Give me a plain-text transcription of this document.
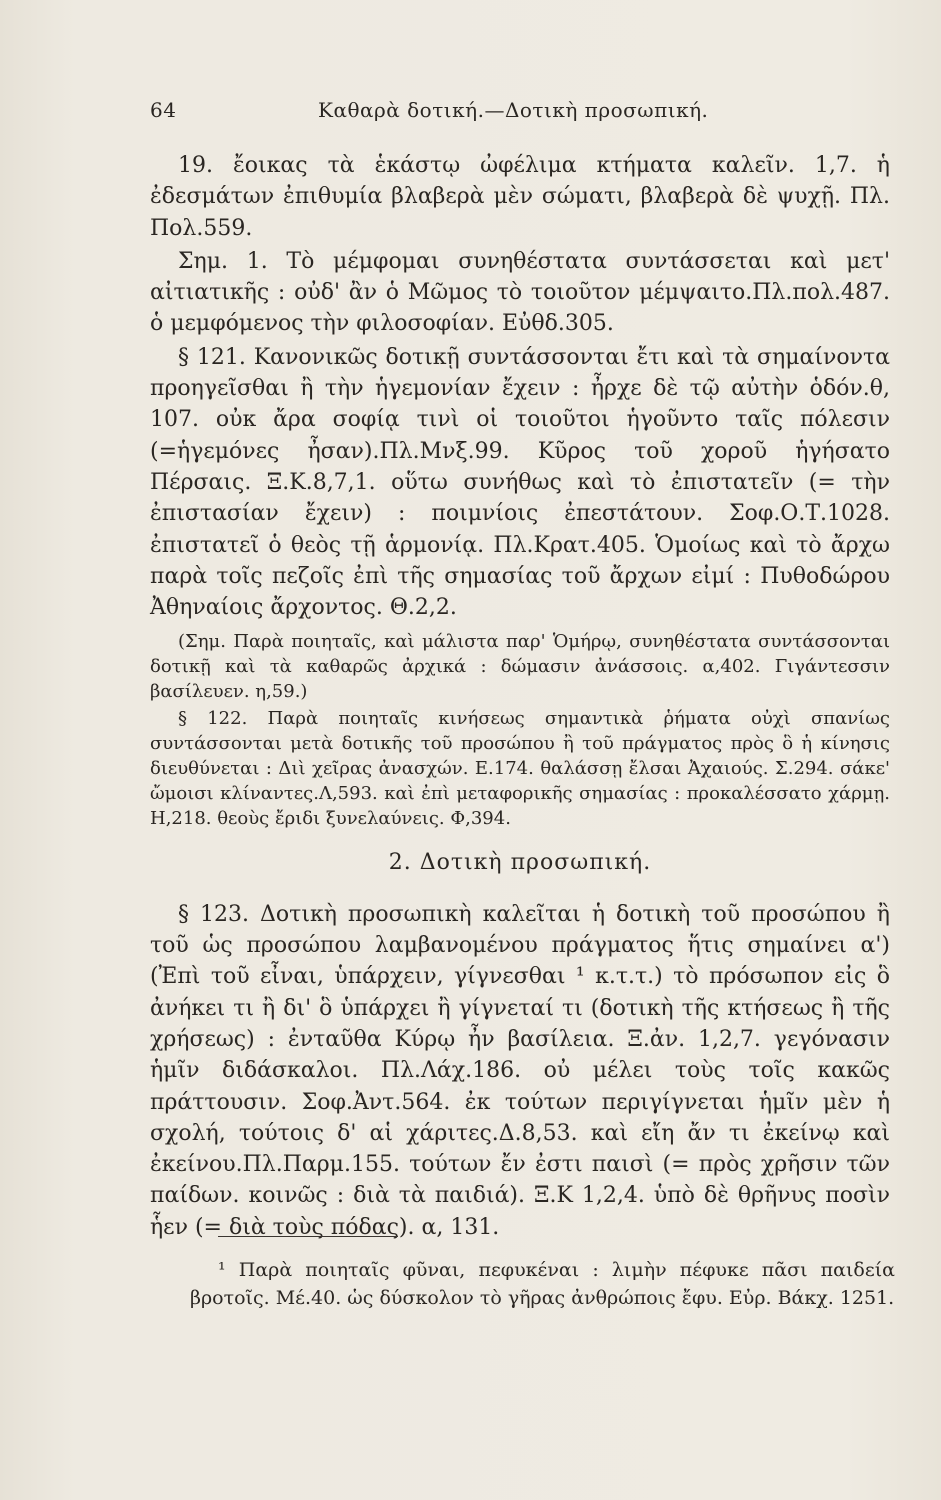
64	Καθαρὰ δοτική.—Δοτικὴ προσωπική.

19. ἔοικας τὰ ἑκάστῳ ὠφέλιμα κτήματα καλεῖν. 1,7. ἡ ἐδεσμάτων ἐπιθυμία βλαβερὰ μὲν σώματι, βλαβερὰ δὲ ψυχῇ. Πλ. Πολ.559.

Σημ. 1. Τὸ μέμφομαι συνηθέστατα συντάσσεται καὶ μετ' αἰτιατικῆς : οὐδ' ἂν ὁ Μῶμος τὸ τοιοῦτον μέμψαιτο.Πλ.πολ.487. ὁ μεμφόμενος τὴν φιλοσοφίαν. Εὐθδ.305.

§ 121. Κανονικῶς δοτικῇ συντάσσονται ἔτι καὶ τὰ σημαίνοντα προηγεῖσθαι ἢ τὴν ἡγεμονίαν ἔχειν : ἦρχε δὲ τῷ αὐτὴν ὁδόν.θ, 107. οὐκ ἄρα σοφίᾳ τινὶ οἱ τοιοῦτοι ἡγοῦντο ταῖς πόλεσιν (=ἡγεμόνες ἦσαν).Πλ.Μνξ.99. Κῦρος τοῦ χοροῦ ἡγήσατο Πέρσαις. Ξ.Κ.8,7,1. οὕτω συνήθως καὶ τὸ ἐπιστατεῖν (= τὴν ἐπιστασίαν ἔχειν) : ποιμνίοις ἐπεστάτουν. Σοφ.Ο.Τ.1028. ἐπιστατεῖ ὁ θεὸς τῇ ἁρμονίᾳ. Πλ.Κρατ.405. Ὁμοίως καὶ τὸ ἄρχω παρὰ τοῖς πεζοῖς ἐπὶ τῆς σημασίας τοῦ ἄρχων εἰμί : Πυθοδώρου Ἀθηναίοις ἄρχοντος. Θ.2,2.

(Σημ. Παρὰ ποιηταῖς, καὶ μάλιστα παρ' Ὁμήρῳ, συνηθέστατα συντάσσονται δοτικῇ καὶ τὰ καθαρῶς ἀρχικά : δώμασιν ἀνάσσοις. α,402. Γιγάντεσσιν βασίλευεν. η,59.)

§ 122. Παρὰ ποιηταῖς κινήσεως σημαντικὰ ῥήματα οὐχὶ σπανίως συντάσσονται μετὰ δοτικῆς τοῦ προσώπου ἢ τοῦ πράγματος πρὸς ὃ ἡ κίνησις διευθύνεται : Διὶ χεῖρας ἀνασχών. Ε.174. θαλάσσῃ ἔλσαι Ἀχαιούς. Σ.294. σάκε' ὤμοισι κλίναντες.Λ,593. καὶ ἐπὶ μεταφορικῆς σημασίας : προκαλέσσατο χάρμῃ. Η,218. θεοὺς ἔριδι ξυνελαύνεις. Φ,394.

2. Δοτικὴ προσωπική.

§ 123. Δοτικὴ προσωπικὴ καλεῖται ἡ δοτικὴ τοῦ προσώπου ἢ τοῦ ὡς προσώπου λαμβανομένου πράγματος ἥτις σημαίνει α') (Ἐπὶ τοῦ εἶναι, ὑπάρχειν, γίγνεσθαι ¹ κ.τ.τ.) τὸ πρόσωπον εἰς ὃ ἀνήκει τι ἢ δι' ὃ ὑπάρχει ἢ γίγνεταί τι (δοτικὴ τῆς κτήσεως ἢ τῆς χρήσεως) : ἐνταῦθα Κύρῳ ἦν βασίλεια. Ξ.ἀν. 1,2,7. γεγόνασιν ἡμῖν διδάσκαλοι. Πλ.Λάχ.186. οὐ μέλει τοὺς τοῖς κακῶς πράττουσιν. Σοφ.Ἀντ.564. ἐκ τούτων περιγίγνεται ἡμῖν μὲν ἡ σχολή, τούτοις δ' αἱ χάριτες.Δ.8,53. καὶ εἴη ἄν τι ἐκείνῳ καὶ ἐκείνου.Πλ.Παρμ.155. τούτων ἔν ἐστι παισὶ (= πρὸς χρῆσιν τῶν παίδων. κοινῶς : διὰ τὰ παιδιά). Ξ.Κ 1,2,4. ὑπὸ δὲ θρῆνυς ποσὶν ἧεν (= διὰ τοὺς πόδας). α, 131.

¹ Παρὰ ποιηταῖς φῦναι, πεφυκέναι : λιμὴν πέφυκε πᾶσι παιδεία βροτοῖς. Μέ.40. ὡς δύσκολον τὸ γῆρας ἀνθρώποις ἔφυ. Εὐρ. Βάκχ. 1251.
